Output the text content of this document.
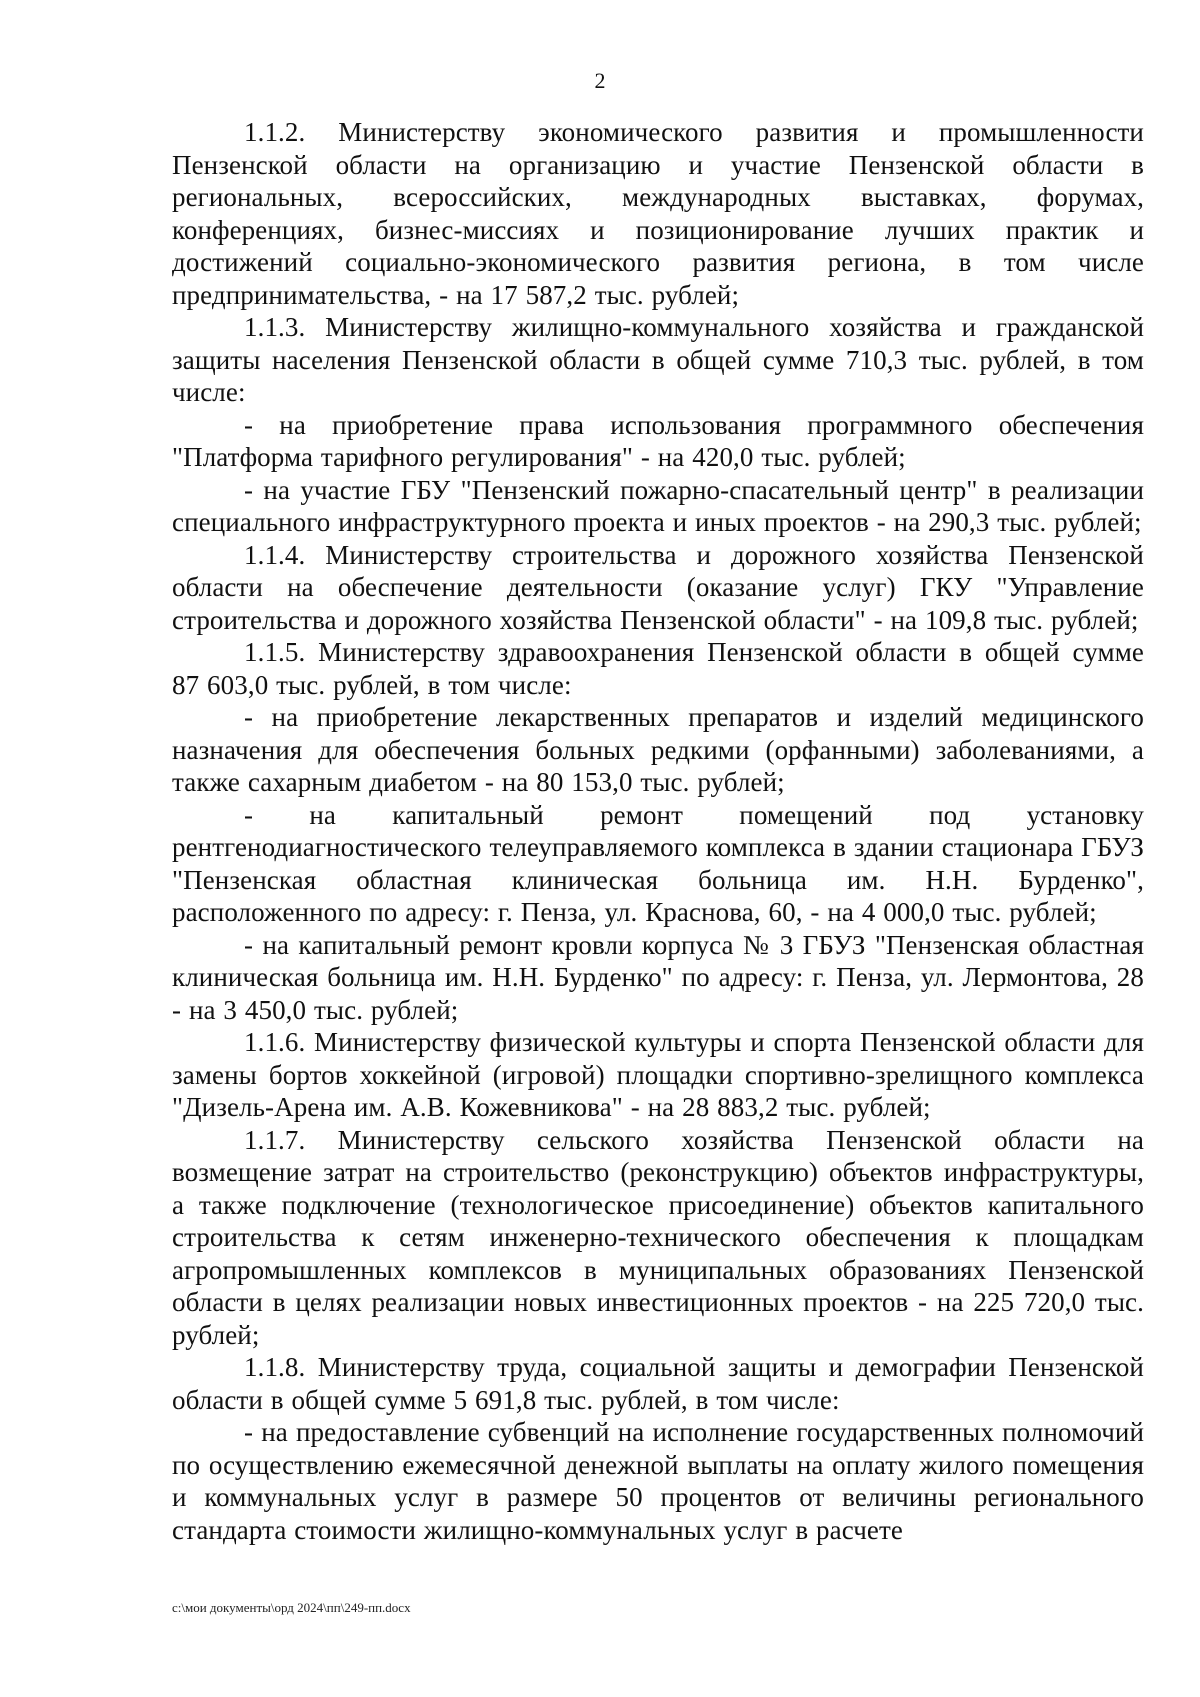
2

1.1.2. Министерству экономического развития и промышленности Пензенской области на организацию и участие Пензенской области в региональных, всероссийских, международных выставках, форумах, конференциях, бизнес-миссиях и позиционирование лучших практик и достижений социально-экономического развития региона, в том числе предпринимательства, - на 17 587,2 тыс. рублей;

1.1.3. Министерству жилищно-коммунального хозяйства и гражданской защиты населения Пензенской области в общей сумме 710,3 тыс. рублей, в том числе:

- на приобретение права использования программного обеспечения "Платформа тарифного регулирования" - на 420,0 тыс. рублей;

- на участие ГБУ "Пензенский пожарно-спасательный центр" в реализации специального инфраструктурного проекта и иных проектов - на 290,3 тыс. рублей;

1.1.4. Министерству строительства и дорожного хозяйства Пензенской области на обеспечение деятельности (оказание услуг) ГКУ "Управление строительства и дорожного хозяйства Пензенской области" - на 109,8 тыс. рублей;

1.1.5. Министерству здравоохранения Пензенской области в общей сумме 87 603,0 тыс. рублей, в том числе:

- на приобретение лекарственных препаратов и изделий медицинского назначения для обеспечения больных редкими (орфанными) заболеваниями, а также сахарным диабетом - на 80 153,0 тыс. рублей;

- на капитальный ремонт помещений под установку рентгенодиагностического телеуправляемого комплекса в здании стационара ГБУЗ "Пензенская областная клиническая больница им. Н.Н. Бурденко", расположенного по адресу: г. Пенза, ул. Краснова, 60, - на 4 000,0 тыс. рублей;

- на капитальный ремонт кровли корпуса № 3 ГБУЗ "Пензенская областная клиническая больница им. Н.Н. Бурденко" по адресу: г. Пенза, ул. Лермонтова, 28 - на 3 450,0 тыс. рублей;

1.1.6. Министерству физической культуры и спорта Пензенской области для замены бортов хоккейной (игровой) площадки спортивно-зрелищного комплекса "Дизель-Арена им. А.В. Кожевникова" - на 28 883,2 тыс. рублей;

1.1.7. Министерству сельского хозяйства Пензенской области на возмещение затрат на строительство (реконструкцию) объектов инфраструктуры, а также подключение (технологическое присоединение) объектов капитального строительства к сетям инженерно-технического обеспечения к площадкам агропромышленных комплексов в муниципальных образованиях Пензенской области в целях реализации новых инвестиционных проектов - на 225 720,0 тыс. рублей;

1.1.8. Министерству труда, социальной защиты и демографии Пензенской области в общей сумме 5 691,8 тыс. рублей, в том числе:

- на предоставление субвенций на исполнение государственных полномочий по осуществлению ежемесячной денежной выплаты на оплату жилого помещения и коммунальных услуг в размере 50 процентов от величины регионального стандарта стоимости жилищно-коммунальных услуг в расчете

c:\мои документы\орд 2024\пп\249-пп.docx
